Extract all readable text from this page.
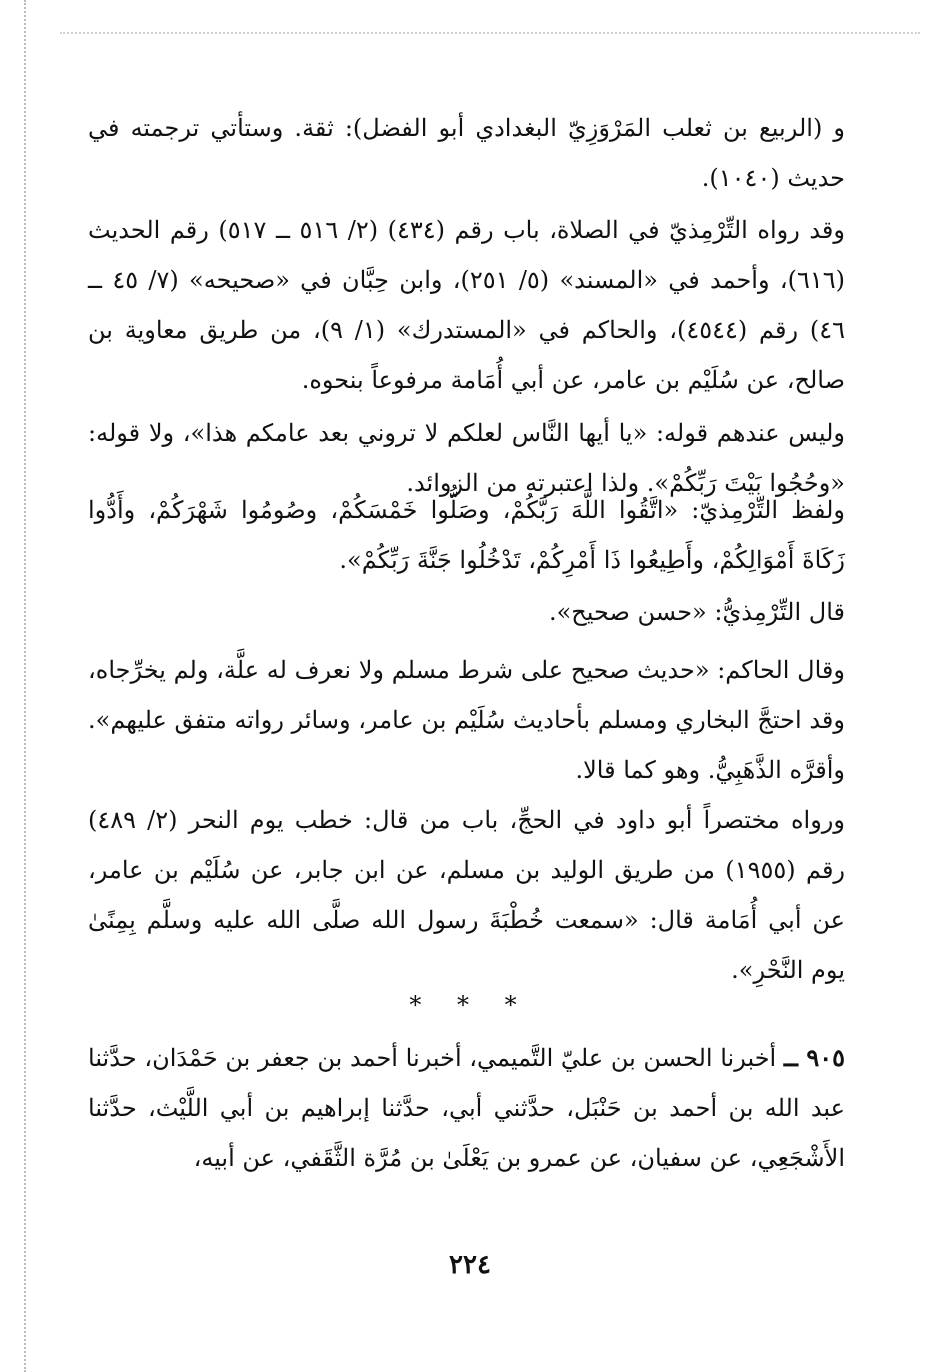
و (الربيع بن ثعلب المَرْوَزِيّ البغدادي أبو الفضل): ثقة. وستأتي ترجمته في حديث (١٠٤٠).

وقد رواه التِّرْمِذيّ في الصلاة، باب رقم (٤٣٤) (٢/ ٥١٦ ــ ٥١٧) رقم الحديث (٦١٦)، وأحمد في «المسند» (٥/ ٢٥١)، وابن حِبَّان في «صحيحه» (٧/ ٤٥ ــ ٤٦) رقم (٤٥٤٤)، والحاكم في «المستدرك» (١/ ٩)، من طريق معاوية بن صالح، عن سُلَيْم بن عامر، عن أبي أُمَامة مرفوعاً بنحوه.

وليس عندهم قوله: «يا أيها النَّاس لعلكم لا تروني بعد عامكم هذا»، ولا قوله: «وحُجُوا بَيْتَ رَبِّكُمْ». ولذا اعتبرته من الزوائد.

ولفظ التِّرْمِذيّ: «اتَّقُوا اللَّهَ رَبَّكُمْ، وصَلُّوا خَمْسَكُمْ، وصُومُوا شَهْرَكُمْ، وأَدُّوا زَكَاةَ أَمْوَالِكُمْ، وأَطِيعُوا ذَا أَمْرِكُمْ، تَدْخُلُوا جَنَّةَ رَبِّكُمْ».

قال التِّرْمِذيُّ: «حسن صحيح».

وقال الحاكم: «حديث صحيح على شرط مسلم ولا نعرف له علَّة، ولم يخرِّجاه، وقد احتجَّ البخاري ومسلم بأحاديث سُلَيْم بن عامر، وسائر رواته متفق عليهم». وأقرَّه الذَّهَبِيُّ. وهو كما قالا.

ورواه مختصراً أبو داود في الحجِّ، باب من قال: خطب يوم النحر (٢/ ٤٨٩) رقم (١٩٥٥) من طريق الوليد بن مسلم، عن ابن جابر، عن سُلَيْم بن عامر، عن أبي أُمَامة قال: «سمعت خُطْبَةَ رسول الله صلَّى الله عليه وسلَّم بِمِنًىٰ يوم النَّحْرِ».

* * *

٩٠٥ ــ أخبرنا الحسن بن عليّ التَّميمي، أخبرنا أحمد بن جعفر بن حَمْدَان، حدَّثنا عبد الله بن أحمد بن حَنْبَل، حدَّثني أبي، حدَّثنا إبراهيم بن أبي اللَّيْث، حدَّثنا الأَشْجَعِي، عن سفيان، عن عمرو بن يَعْلَىٰ بن مُرَّة الثَّقَفي، عن أبيه،

٢٢٤
